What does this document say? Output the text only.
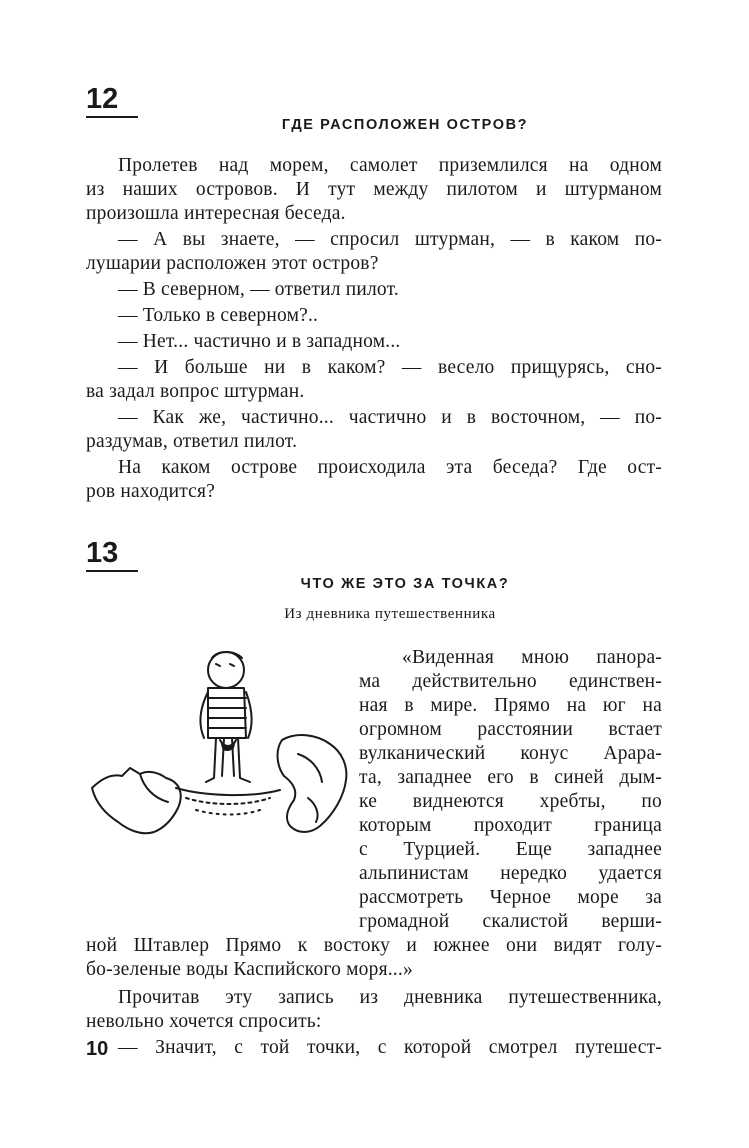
12
ГДЕ РАСПОЛОЖЕН ОСТРОВ?
Пролетев над морем, самолет приземлился на одном
из наших островов. И тут между пилотом и штурманом
произошла интересная беседа.
— А вы знаете, — спросил штурман, — в каком по-
лушарии расположен этот остров?
— В северном, — ответил пилот.
— Только в северном?..
— Нет... частично и в западном...
— И больше ни в каком? — весело прищурясь, сно-
ва задал вопрос штурман.
— Как же, частично... частично и в восточном, — по-
раздумав, ответил пилот.
На каком острове происходила эта беседа? Где ост-
ров находится?
13
ЧТО ЖЕ ЭТО ЗА ТОЧКА?
Из дневника путешественника
«Виденная мною панора-
ма действительно единствен-
ная в мире. Прямо на юг на
огромном расстоянии встает
вулканический конус Арара-
та, западнее его в синей дым-
ке виднеются хребты, по
которым проходит граница
с Турцией. Еще западнее
альпинистам нередко удается
рассмотреть Черное море за
громадной скалистой верши-
ной Штавлер Прямо к востоку и южнее они видят голу-
бо-зеленые воды Каспийского моря...»
Прочитав эту запись из дневника путешественника,
невольно хочется спросить:
— Значит, с той точки, с которой смотрел путешест-
10
